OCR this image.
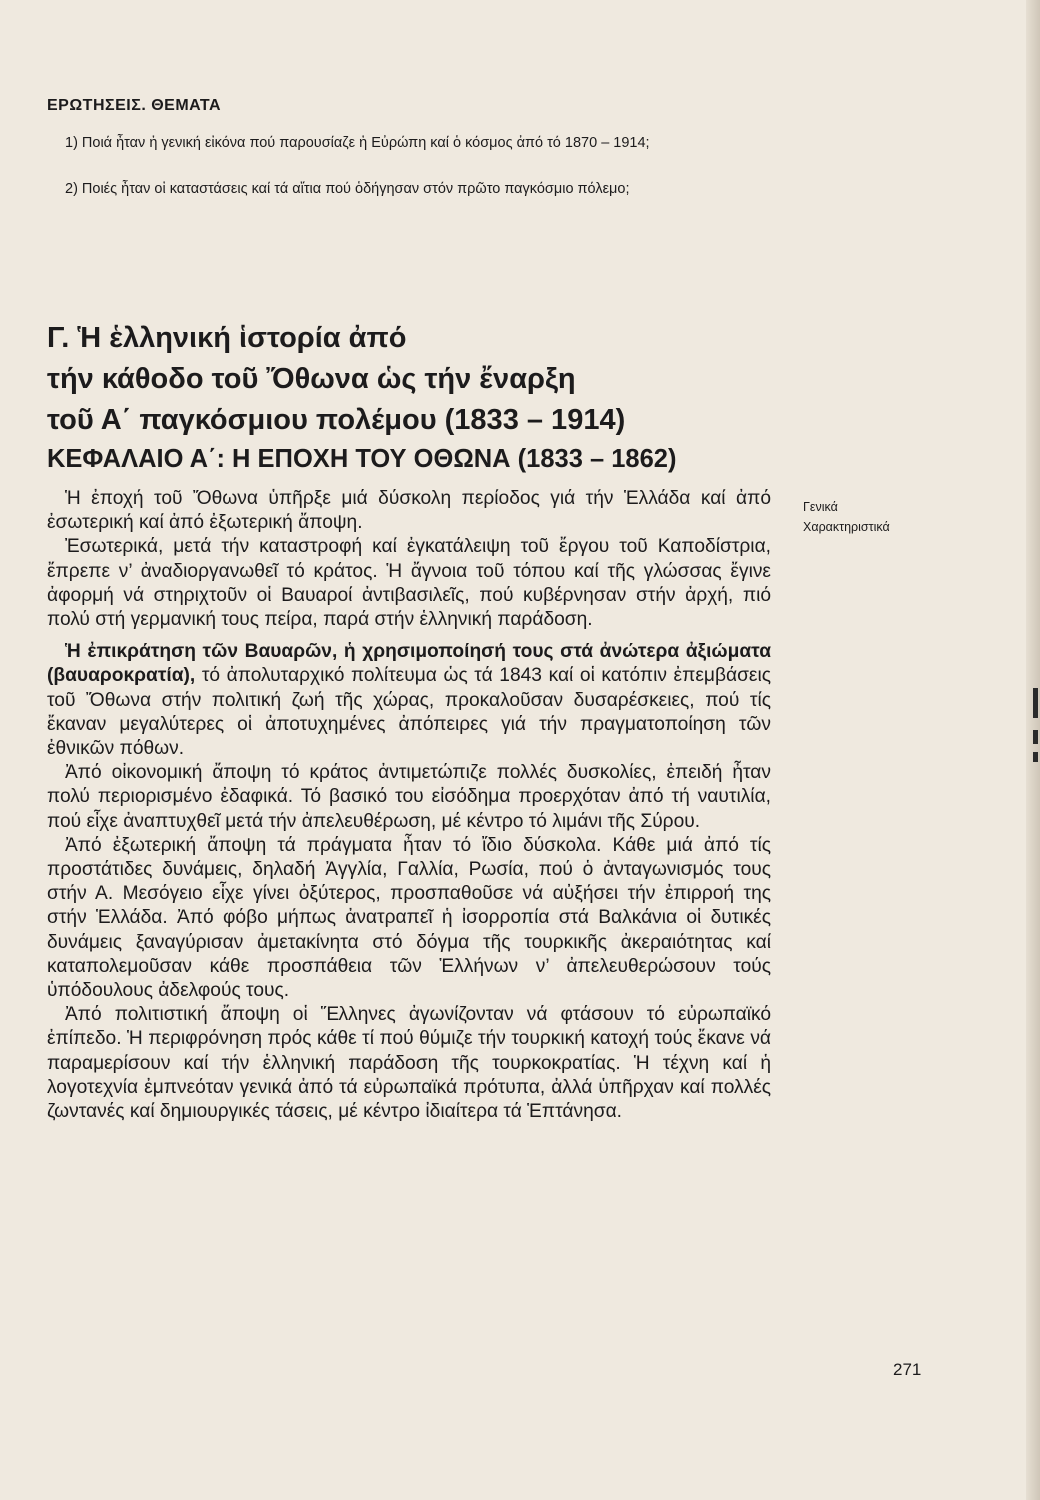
ΕΡΩΤΗΣΕΙΣ. ΘΕΜΑΤΑ
1) Ποιά ἦταν ἡ γενική εἰκόνα πού παρουσίαζε ἡ Εὐρώπη καί ὁ κόσμος ἀπό τό 1870 – 1914;
2) Ποιές ἦταν οἱ καταστάσεις καί τά αἴτια πού ὁδήγησαν στόν πρῶτο παγκόσμιο πόλεμο;
Γ. Ἡ ἑλληνική ἱστορία ἀπό
τήν κάθοδο τοῦ Ὄθωνα ὡς τήν ἔναρξη
τοῦ Α΄ παγκόσμιου πολέμου (1833 – 1914)
ΚΕΦΑΛΑΙΟ Α΄: Η ΕΠΟΧΗ ΤΟΥ ΟΘΩΝΑ (1833 – 1862)

Ἡ ἐποχή τοῦ Ὄθωνα ὑπῆρξε μιά δύσκολη περίοδος γιά τήν Ἑλλάδα καί ἀπό ἐσωτερική καί ἀπό ἐξωτερική ἄποψη.

Ἐσωτερικά, μετά τήν καταστροφή καί ἐγκατάλειψη τοῦ ἔργου τοῦ Καποδίστρια, ἔπρεπε ν’ ἀναδιοργανωθεῖ τό κράτος. Ἡ ἄγνοια τοῦ τόπου καί τῆς γλώσσας ἔγινε ἀφορμή νά στηριχτοῦν οἱ Βαυαροί ἀντιβασιλεῖς, πού κυβέρνησαν στήν ἀρχή, πιό πολύ στή γερμανική τους πείρα, παρά στήν ἑλληνική παράδοση.

Ἡ ἐπικράτηση τῶν Βαυαρῶν, ἡ χρησιμοποίησή τους στά ἀνώτερα ἀξιώματα (βαυαροκρατία), τό ἀπολυταρχικό πολίτευμα ὡς τά 1843 καί οἱ κατόπιν ἐπεμβάσεις τοῦ Ὄθωνα στήν πολιτική ζωή τῆς χώρας, προκαλοῦσαν δυσαρέσκειες, πού τίς ἔκαναν μεγαλύτερες οἱ ἀποτυχημένες ἀπόπειρες γιά τήν πραγματοποίηση τῶν ἐθνικῶν πόθων.

Ἀπό οἰκονομική ἄποψη τό κράτος ἀντιμετώπιζε πολλές δυσκολίες, ἐπειδή ἦταν πολύ περιορισμένο ἐδαφικά. Τό βασικό του εἰσόδημα προερχόταν ἀπό τή ναυτιλία, πού εἶχε ἀναπτυχθεῖ μετά τήν ἀπελευθέρωση, μέ κέντρο τό λιμάνι τῆς Σύρου.

Ἀπό ἐξωτερική ἄποψη τά πράγματα ἦταν τό ἴδιο δύσκολα. Κάθε μιά ἀπό τίς προστάτιδες δυνάμεις, δηλαδή Ἀγγλία, Γαλλία, Ρωσία, πού ὁ ἀνταγωνισμός τους στήν Α. Μεσόγειο εἶχε γίνει ὀξύτερος, προσπαθοῦσε νά αὐξήσει τήν ἐπιρροή της στήν Ἑλλάδα. Ἀπό φόβο μήπως ἀνατραπεῖ ἡ ἰσορροπία στά Βαλκάνια οἱ δυτικές δυνάμεις ξαναγύρισαν ἀμετακίνητα στό δόγμα τῆς τουρκικῆς ἀκεραιότητας καί καταπολεμοῦσαν κάθε προσπάθεια τῶν Ἑλλήνων ν’ ἀπελευθερώσουν τούς ὑπόδουλους ἀδελφούς τους.

Ἀπό πολιτιστική ἄποψη οἱ Ἕλληνες ἀγωνίζονταν νά φτάσουν τό εὐρωπαϊκό ἐπίπεδο. Ἡ περιφρόνηση πρός κάθε τί πού θύμιζε τήν τουρκική κατοχή τούς ἔκανε νά παραμερίσουν καί τήν ἑλληνική παράδοση τῆς τουρκοκρατίας. Ἡ τέχνη καί ἡ λογοτεχνία ἐμπνεόταν γενικά ἀπό τά εὐρωπαϊκά πρότυπα, ἀλλά ὑπῆρχαν καί πολλές ζωντανές καί δημιουργικές τάσεις, μέ κέντρο ἰδιαίτερα τά Ἑπτάνησα.

Γενικά
Χαρακτηριστικά
271
